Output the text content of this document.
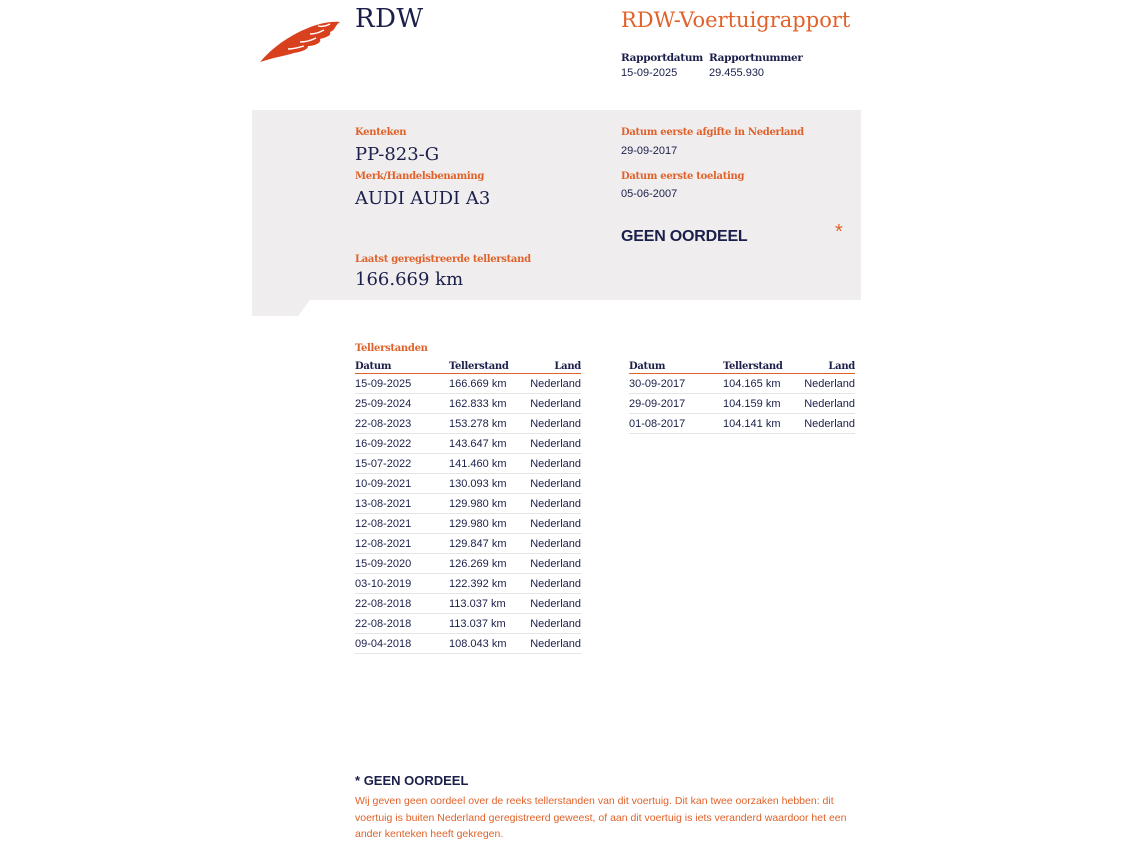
RDW	RDW-Voertuigrapport
Rapportdatum
15-09-2025
Rapportnummer
29.455.930
Kenteken
PP-823-G
Merk/Handelsbenaming
AUDI AUDI A3
Laatst geregistreerde tellerstand
166.669 km
Datum eerste afgifte in Nederland
29-09-2017
Datum eerste toelating
05-06-2007
GEEN OORDEEL	*
Tellerstanden
Datum	Tellerstand	Land
15-09-2025	166.669 km	Nederland
25-09-2024	162.833 km	Nederland
22-08-2023	153.278 km	Nederland
16-09-2022	143.647 km	Nederland
15-07-2022	141.460 km	Nederland
10-09-2021	130.093 km	Nederland
13-08-2021	129.980 km	Nederland
12-08-2021	129.980 km	Nederland
12-08-2021	129.847 km	Nederland
15-09-2020	126.269 km	Nederland
03-10-2019	122.392 km	Nederland
22-08-2018	113.037 km	Nederland
22-08-2018	113.037 km	Nederland
09-04-2018	108.043 km	Nederland
Datum	Tellerstand	Land
30-09-2017	104.165 km	Nederland
29-09-2017	104.159 km	Nederland
01-08-2017	104.141 km	Nederland
* GEEN OORDEEL
Wij geven geen oordeel over de reeks tellerstanden van dit voertuig. Dit kan twee oorzaken hebben: dit voertuig is buiten Nederland geregistreerd geweest, of aan dit voertuig is iets veranderd waardoor het een ander kenteken heeft gekregen.
